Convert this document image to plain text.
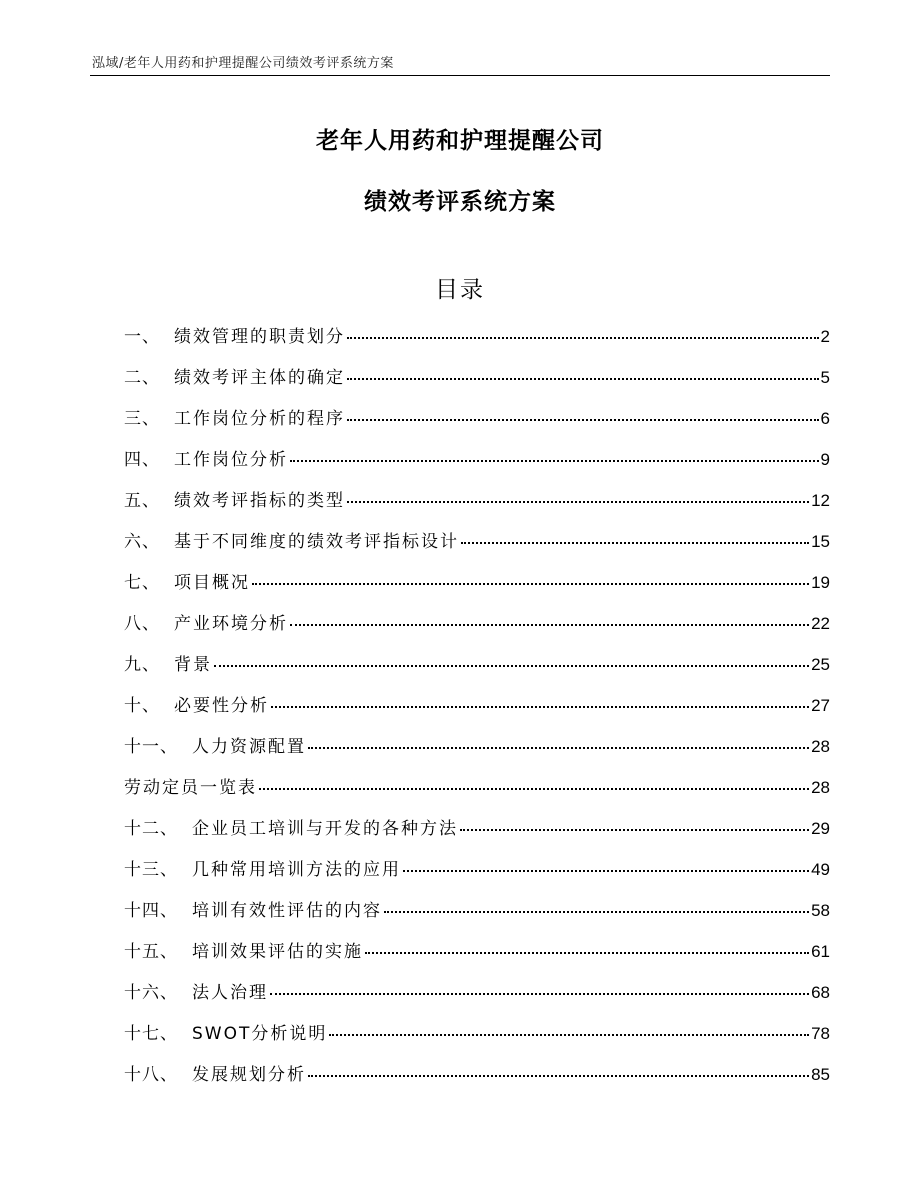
泓域/老年人用药和护理提醒公司绩效考评系统方案
老年人用药和护理提醒公司
绩效考评系统方案
目录
一、 绩效管理的职责划分	2
二、 绩效考评主体的确定	5
三、 工作岗位分析的程序	6
四、 工作岗位分析	9
五、 绩效考评指标的类型	12
六、 基于不同维度的绩效考评指标设计	15
七、 项目概况	19
八、 产业环境分析	22
九、 背景	25
十、 必要性分析	27
十一、 人力资源配置	28
劳动定员一览表	28
十二、 企业员工培训与开发的各种方法	29
十三、 几种常用培训方法的应用	49
十四、 培训有效性评估的内容	58
十五、 培训效果评估的实施	61
十六、 法人治理	68
十七、 SWOT分析说明	78
十八、 发展规划分析	85
